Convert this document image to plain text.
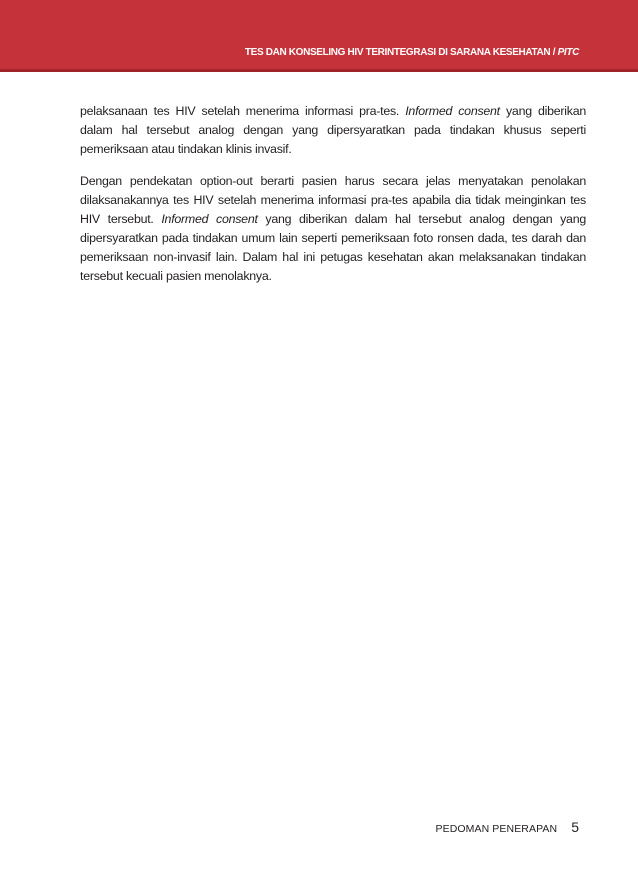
TES DAN KONSELING HIV TERINTEGRASI DI SARANA KESEHATAN / PITC

pelaksanaan tes HIV setelah menerima informasi pra-tes. Informed consent yang diberikan dalam hal tersebut analog dengan yang dipersyaratkan pada tindakan khusus seperti pemeriksaan atau tindakan klinis invasif.

Dengan pendekatan option-out berarti pasien harus secara jelas menyatakan penolakan dilaksanakannya tes HIV setelah menerima informasi pra-tes apabila dia tidak meinginkan tes HIV tersebut. Informed consent yang diberikan dalam hal tersebut analog dengan yang dipersyaratkan pada tindakan umum lain seperti pemeriksaan foto ronsen dada, tes darah dan pemeriksaan non-invasif lain. Dalam hal ini petugas kesehatan akan melaksanakan tindakan tersebut kecuali pasien menolaknya.

PEDOMAN PENERAPAN 5
